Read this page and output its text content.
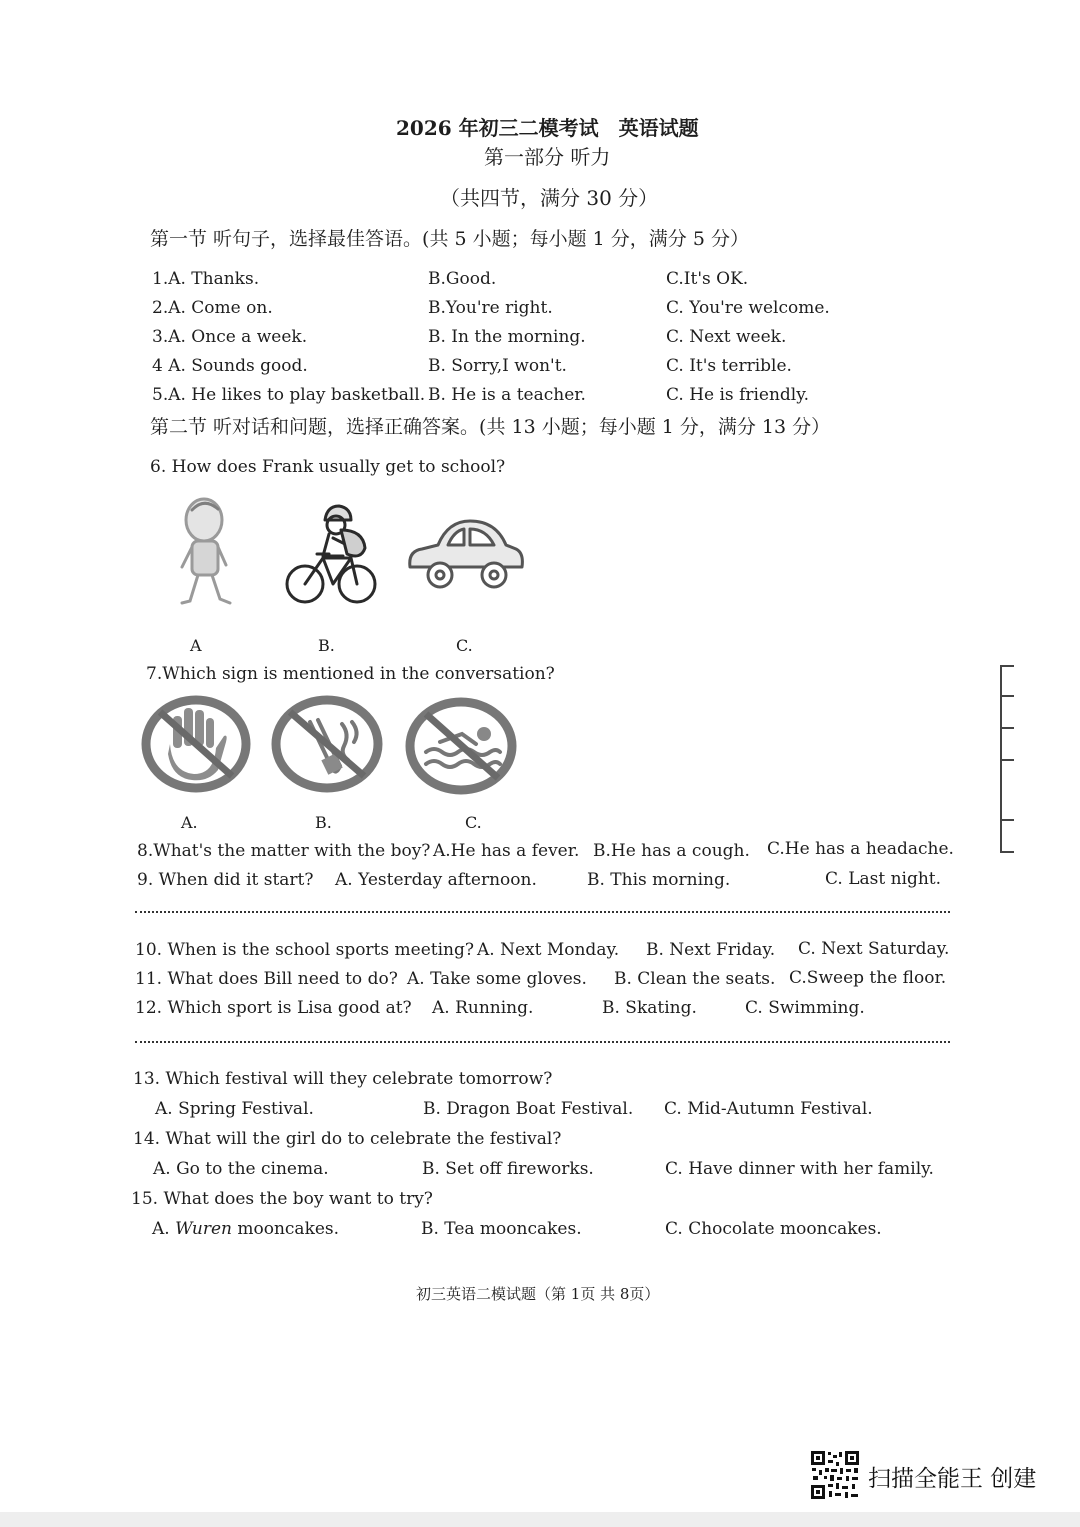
2026 年初三二模考试　英语试题
第一部分 听力
（共四节，满分 30 分）
第一节 听句子，选择最佳答语。(共 5 小题；每小题 1 分，满分 5 分）
1.A. Thanks.	B.Good.	C.It's OK.
2.A. Come on.	B.You're right.	C. You're welcome.
3.A. Once a week.	B. In the morning.	C. Next week.
4 A. Sounds good.	B. Sorry,I won't.	C. It's terrible.
5.A. He likes to play basketball. B. He is a teacher.	C. He is friendly.
第二节 听对话和问题，选择正确答案。(共 13 小题；每小题 1 分，满分 13 分）
6. How does Frank usually get to school?
A	B.	C.
7.Which sign is mentioned in the conversation?
A.	B.	C.
8.What's the matter with the boy? A.He has a fever. B.He has a cough. C.He has a headache.
9. When did it start? A. Yesterday afternoon.	B. This morning.	C. Last night.
10. When is the school sports meeting? A. Next Monday. B. Next Friday. C. Next Saturday.
11. What does Bill need to do? A. Take some gloves. B. Clean the seats. C.Sweep the floor.
12. Which sport is Lisa good at? A. Running.	B. Skating.	C. Swimming.
13. Which festival will they celebrate tomorrow?
A. Spring Festival.	B. Dragon Boat Festival. C. Mid-Autumn Festival.
14. What will the girl do to celebrate the festival?
A. Go to the cinema.	B. Set off fireworks.	C. Have dinner with her family.
15. What does the boy want to try?
A. Wuren mooncakes.	B. Tea mooncakes.	C. Chocolate mooncakes.
初三英语二模试题（第 1页 共 8页）
扫描全能王 创建
